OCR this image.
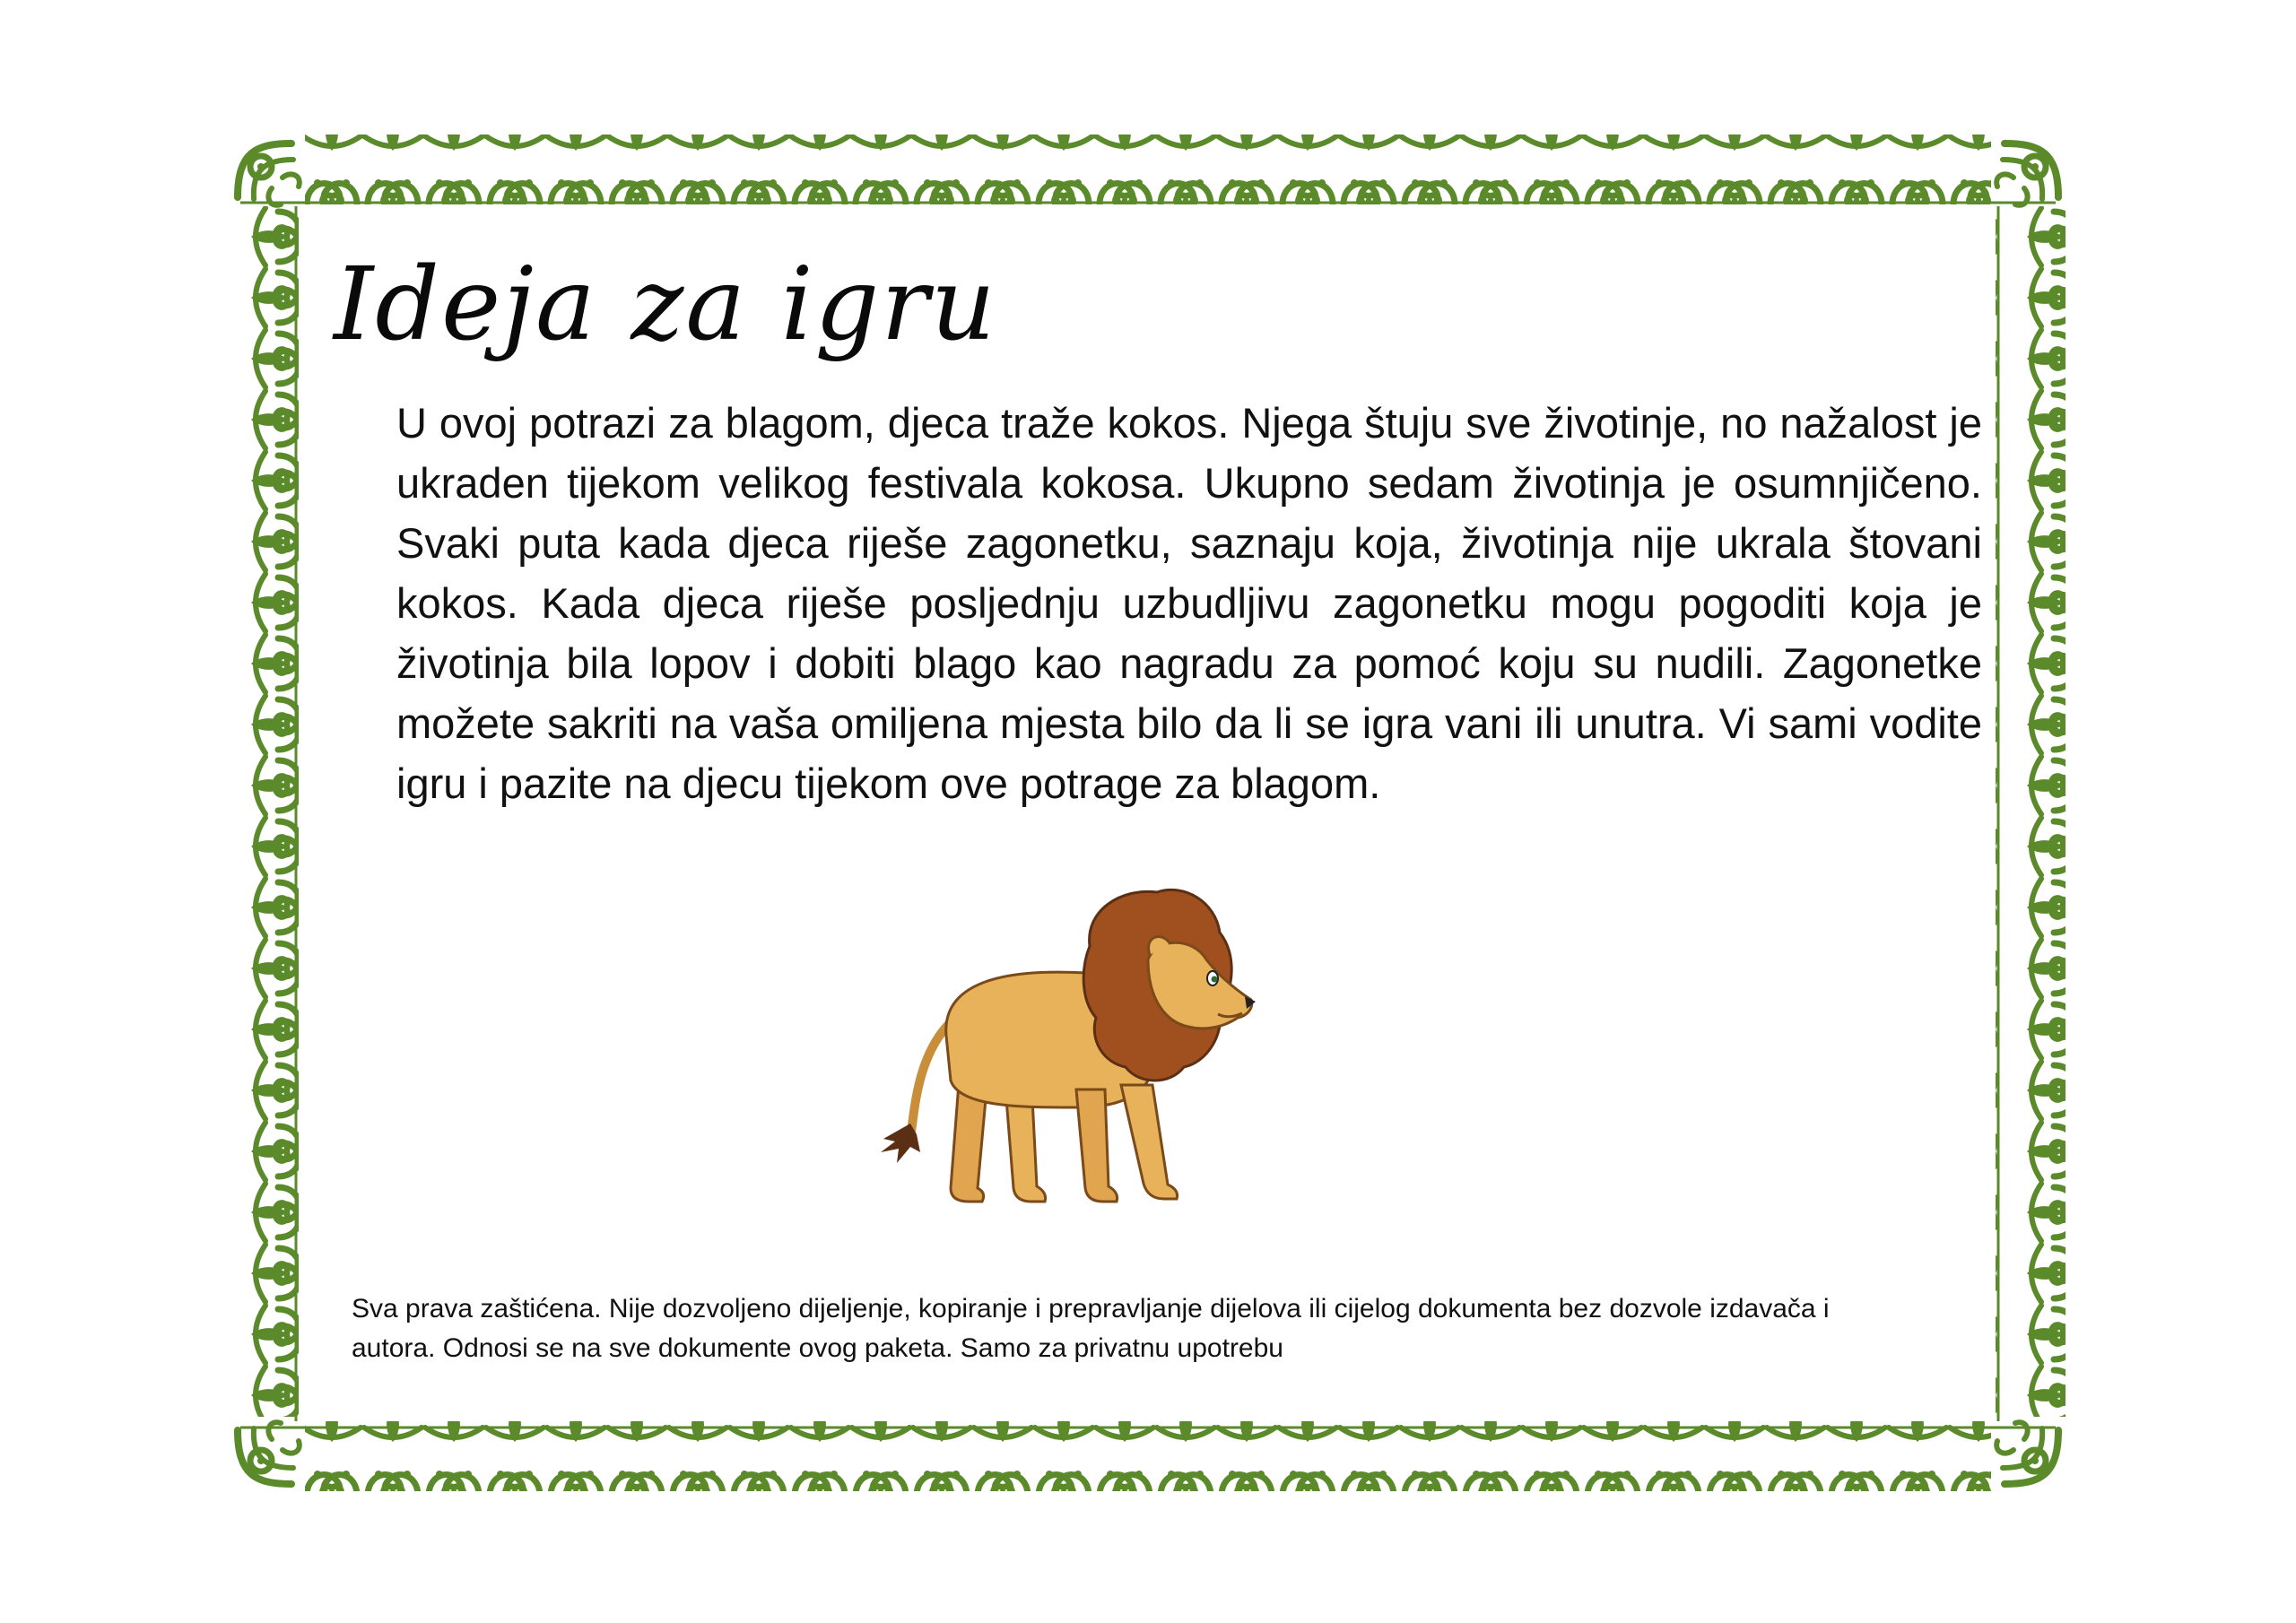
Ideja za igru

U ovoj potrazi za blagom, djeca traže kokos. Njega štuju sve životinje, no nažalost je ukraden tijekom velikog festivala kokosa. Ukupno sedam životinja je osumnjičeno. Svaki puta kada djeca riješe zagonetku, saznaju koja, životinja nije ukrala štovani kokos. Kada djeca riješe posljednju uzbudljivu zagonetku mogu pogoditi koja je životinja bila lopov i dobiti blago kao nagradu za pomoć koju su nudili. Zagonetke možete sakriti na vaša omiljena mjesta bilo da li se igra vani ili unutra. Vi sami vodite igru i pazite na djecu tijekom ove potrage za blagom.

Sva prava zaštićena. Nije dozvoljeno dijeljenje, kopiranje i prepravljanje dijelova ili cijelog dokumenta bez dozvole izdavača i autora. Odnosi se na sve dokumente ovog paketa. Samo za privatnu upotrebu
